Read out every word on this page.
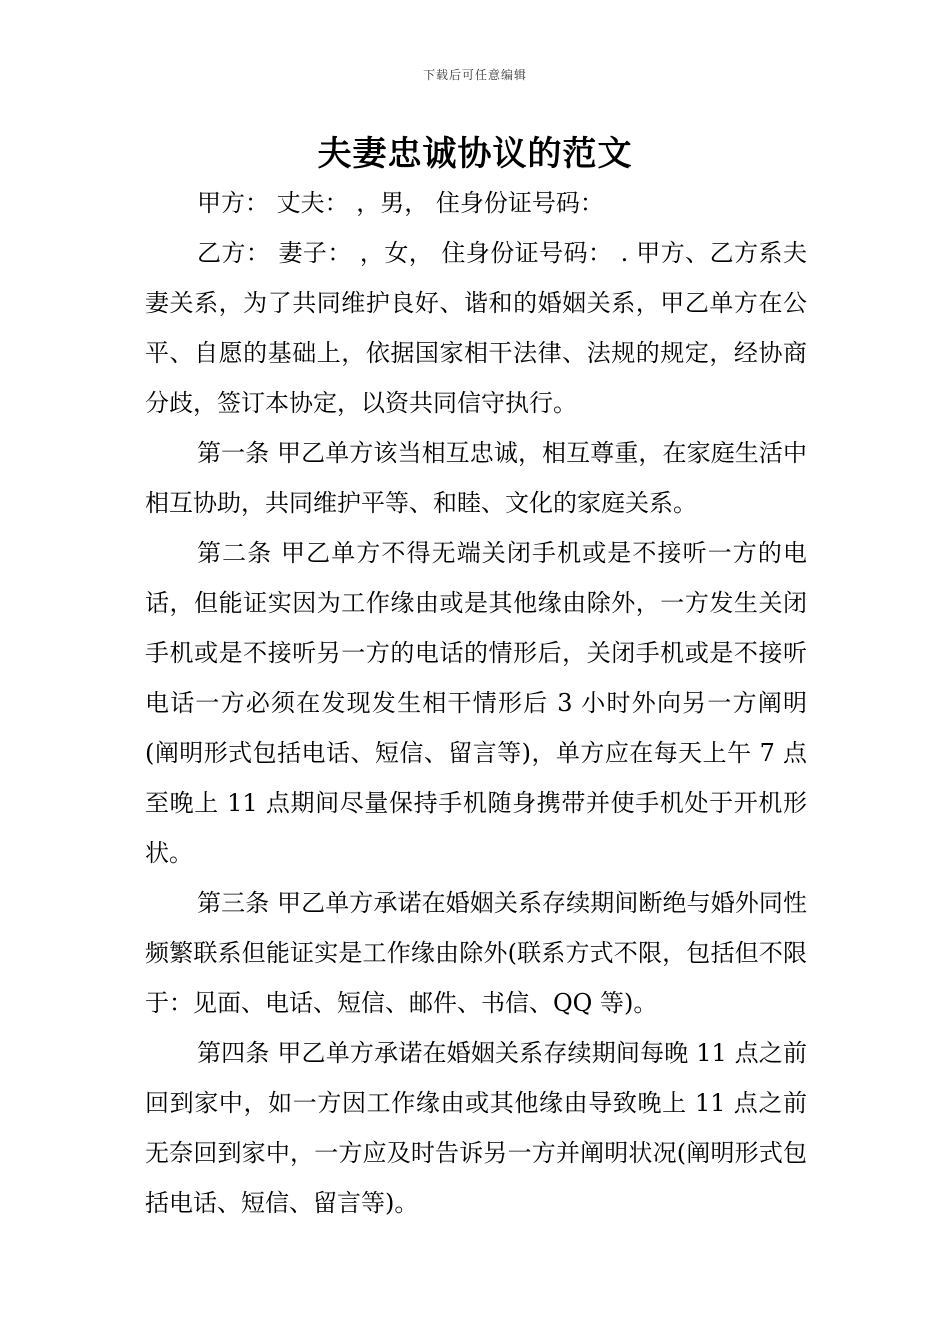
下载后可任意编辑
夫妻忠诚协议的范文

甲方： 丈夫： ，男， 住身份证号码：

乙方： 妻子： ，女， 住身份证号码： . 甲方、乙方系夫妻关系，为了共同维护良好、谐和的婚姻关系，甲乙单方在公平、自愿的基础上，依据国家相干法律、法规的规定，经协商分歧，签订本协定，以资共同信守执行。

第一条 甲乙单方该当相互忠诚，相互尊重，在家庭生活中相互协助，共同维护平等、和睦、文化的家庭关系。

第二条 甲乙单方不得无端关闭手机或是不接听一方的电话，但能证实因为工作缘由或是其他缘由除外，一方发生关闭手机或是不接听另一方的电话的情形后，关闭手机或是不接听电话一方必须在发现发生相干情形后 3 小时外向另一方阐明(阐明形式包括电话、短信、留言等)，单方应在每天上午 7 点至晚上 11 点期间尽量保持手机随身携带并使手机处于开机形状。

第三条 甲乙单方承诺在婚姻关系存续期间断绝与婚外同性频繁联系但能证实是工作缘由除外(联系方式不限，包括但不限于：见面、电话、短信、邮件、书信、QQ 等)。

第四条 甲乙单方承诺在婚姻关系存续期间每晚 11 点之前回到家中，如一方因工作缘由或其他缘由导致晚上 11 点之前无奈回到家中，一方应及时告诉另一方并阐明状况(阐明形式包括电话、短信、留言等)。
